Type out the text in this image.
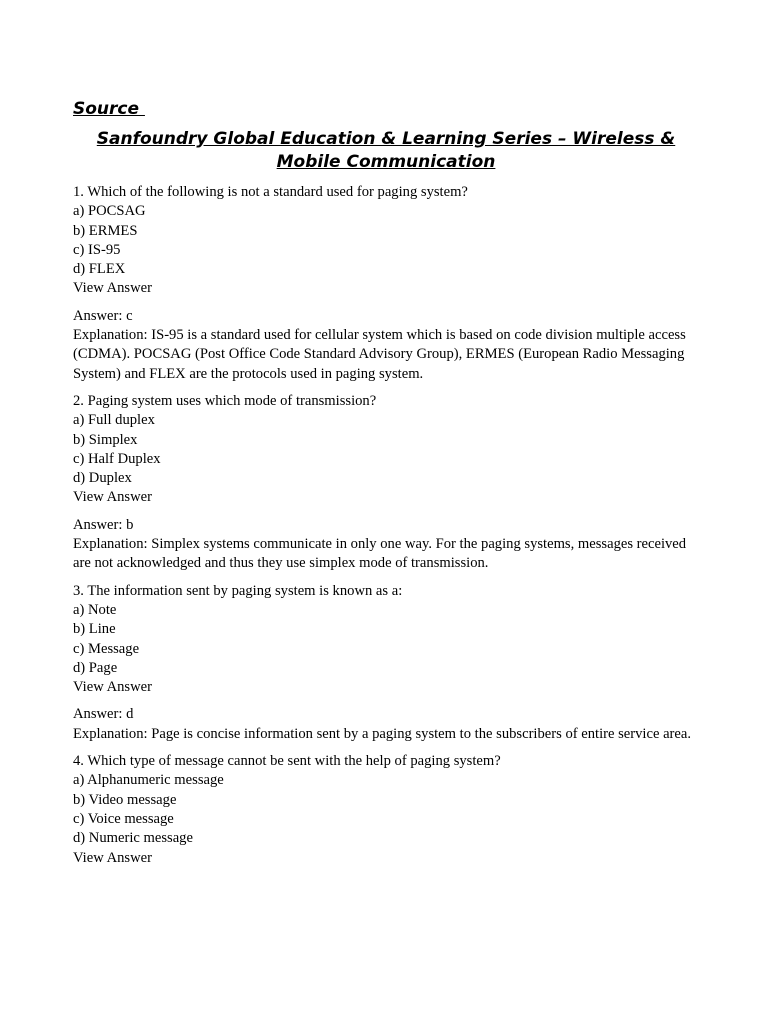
Source
Sanfoundry Global Education & Learning Series – Wireless & Mobile Communication
1. Which of the following is not a standard used for paging system?
a) POCSAG
b) ERMES
c) IS-95
d) FLEX
View Answer
Answer: c
Explanation: IS-95 is a standard used for cellular system which is based on code division multiple access (CDMA). POCSAG (Post Office Code Standard Advisory Group), ERMES (European Radio Messaging System) and FLEX are the protocols used in paging system.
2. Paging system uses which mode of transmission?
a) Full duplex
b) Simplex
c) Half Duplex
d) Duplex
View Answer
Answer: b
Explanation: Simplex systems communicate in only one way. For the paging systems, messages received are not acknowledged and thus they use simplex mode of transmission.
3. The information sent by paging system is known as a:
a) Note
b) Line
c) Message
d) Page
View Answer
Answer: d
Explanation: Page is concise information sent by a paging system to the subscribers of entire service area.
4. Which type of message cannot be sent with the help of paging system?
a) Alphanumeric message
b) Video message
c) Voice message
d) Numeric message
View Answer
